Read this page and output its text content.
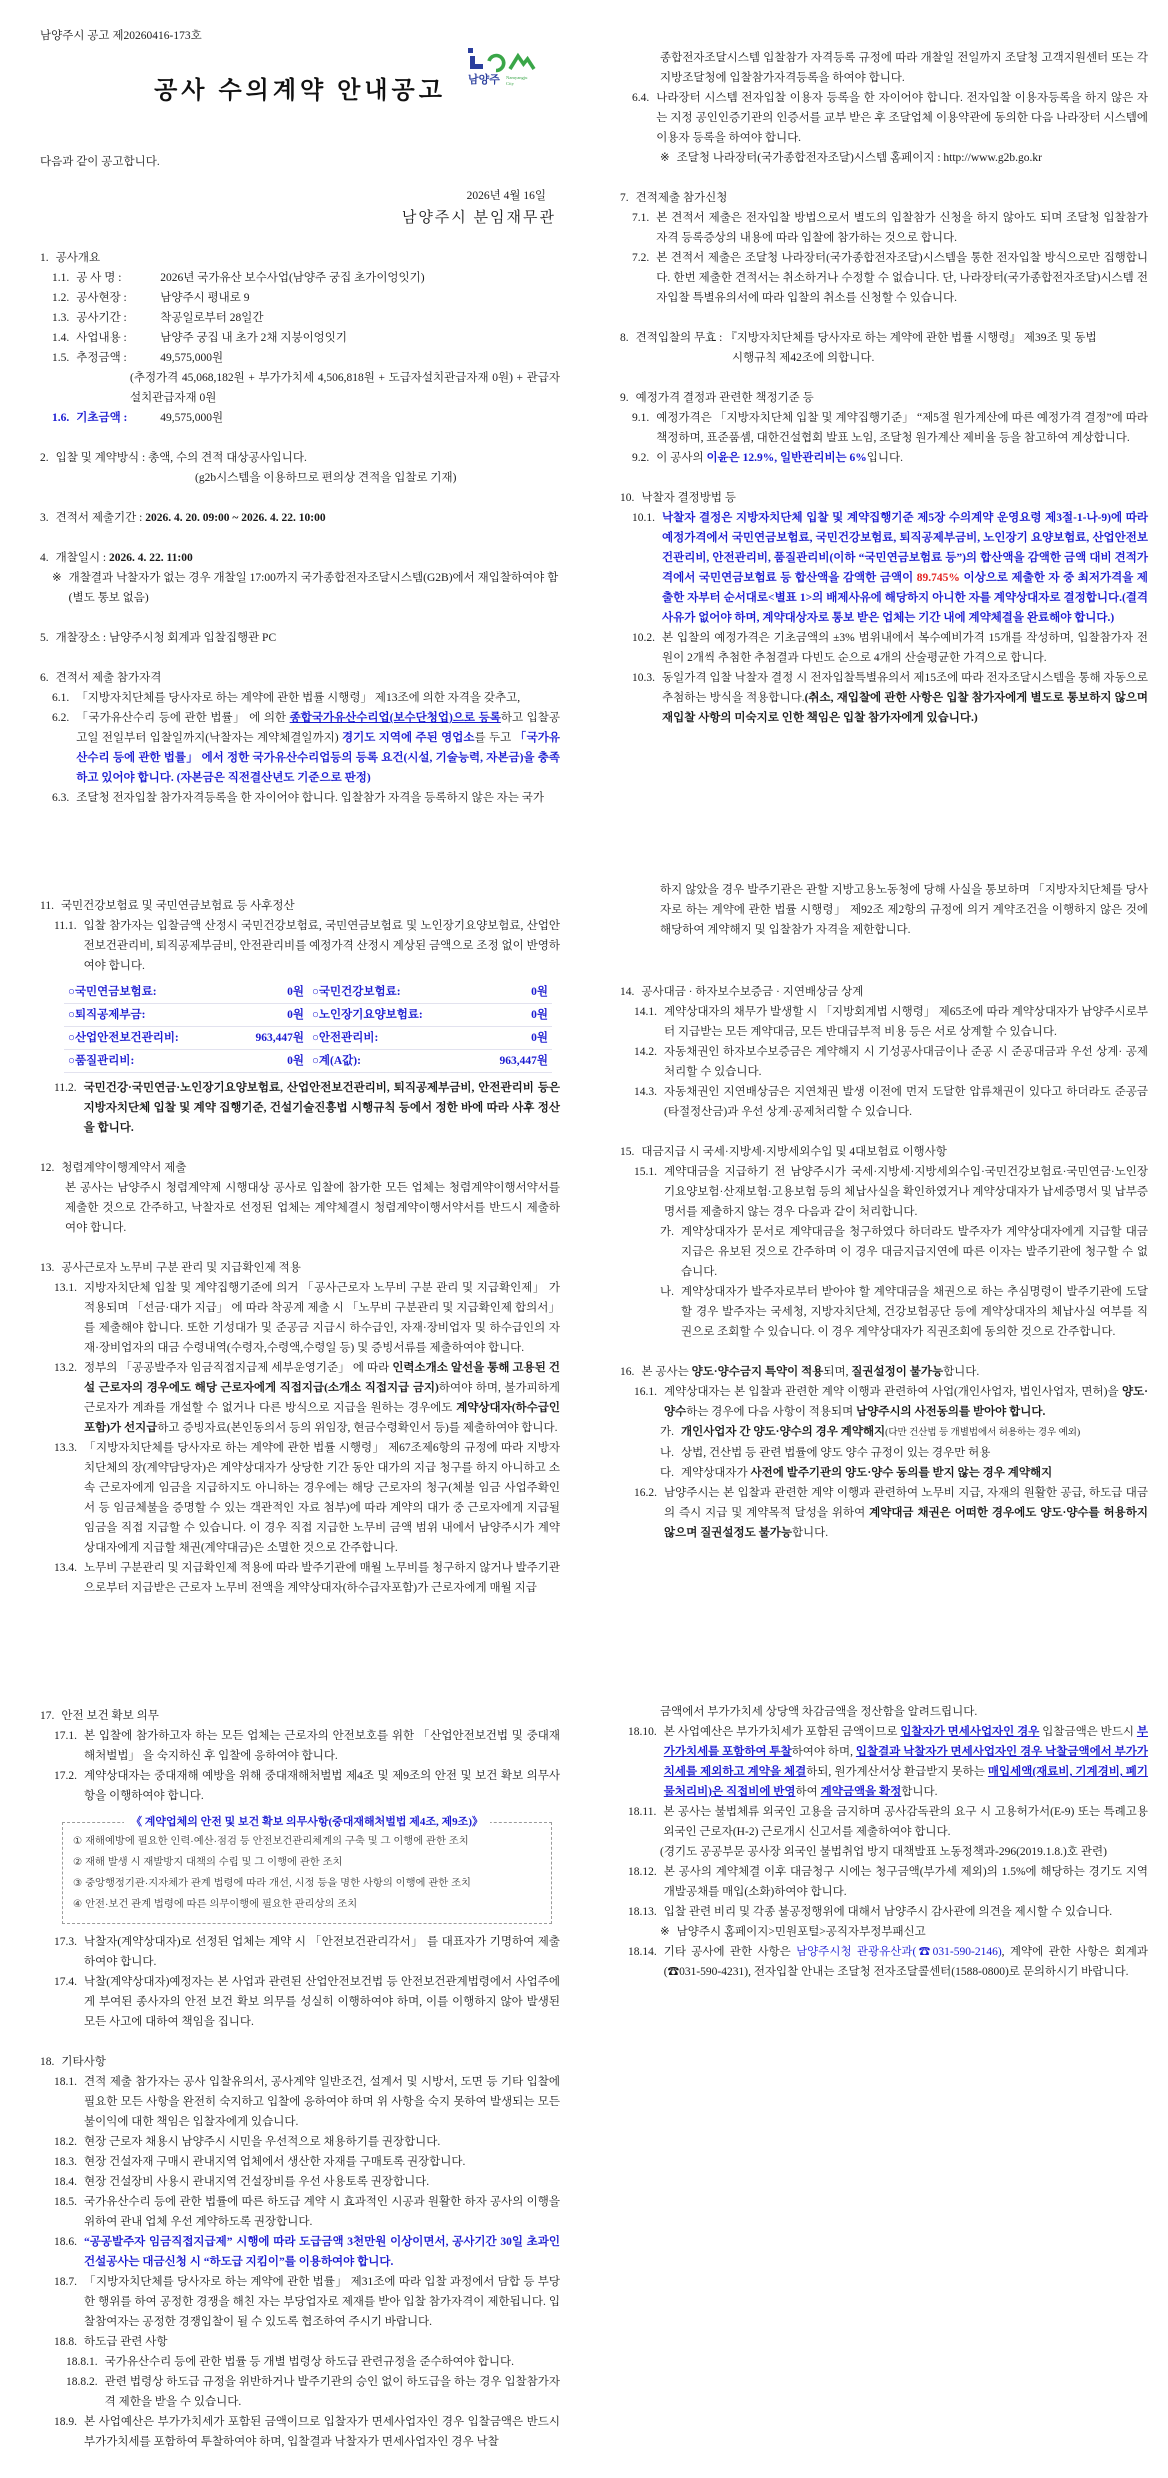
남양주시 공고 제20260416-173호
남양주 Namyangju
City
공사 수의계약 안내공고
다음과 같이 공고합니다.
2026년 4월 16일
남양주시 분임재무관
1. 공사개요
1.1. 공 사 명 :	2026년 국가유산 보수사업(남양주 궁집 초가이엉잇기)
1.2. 공사현장 :	남양주시 평내로 9
1.3. 공사기간 :	착공일로부터 28일간
1.4. 사업내용 :	남양주 궁집 내 초가 2채 지붕이엉잇기
1.5. 추정금액 :	49,575,000원
(추정가격 45,068,182원 + 부가가치세 4,506,818원 + 도급자설치관급자재 0원) + 관급자설치관급자재 0원
1.6. 기초금액 :	49,575,000원
2. 입찰 및 계약방식 : 총액, 수의 견적 대상공사입니다.
(g2b시스템을 이용하므로 편의상 견적을 입찰로 기재)
3. 견적서 제출기간 : 2026. 4. 20. 09:00 ~ 2026. 4. 22. 10:00
4. 개찰일시 : 2026. 4. 22. 11:00
※ 개찰결과 낙찰자가 없는 경우 개찰일 17:00까지 국가종합전자조달시스템(G2B)에서 재입찰하여야 함
(별도 통보 없음)
5. 개찰장소 : 남양주시청 회계과 입찰집행관 PC
6. 견적서 제출 참가자격
6.1. 「지방자치단체를 당사자로 하는 계약에 관한 법률 시행령」 제13조에 의한 자격을 갖추고,
6.2. 「국가유산수리 등에 관한 법률」 에 의한 종합국가유산수리업(보수단청업)으로 등록하고 입찰공고일 전일부터 입찰일까지(낙찰자는 계약체결일까지) 경기도 지역에 주된 영업소를 두고 「국가유산수리 등에 관한 법률」 에서 정한 국가유산수리업등의 등록 요건(시설, 기술능력, 자본금)을 충족하고 있어야 합니다. (자본금은 직전결산년도 기준으로 판정)
6.3. 조달청 전자입찰 참가자격등록을 한 자이어야 합니다. 입찰참가 자격을 등록하지 않은 자는 국가
종합전자조달시스템 입찰참가 자격등록 규정에 따라 개찰일 전일까지 조달청 고객지원센터 또는 각 지방조달청에 입찰참가자격등록을 하여야 합니다.
6.4. 나라장터 시스템 전자입찰 이용자 등록을 한 자이어야 합니다. 전자입찰 이용자등록을 하지 않은 자는 지정 공인인증기관의 인증서를 교부 받은 후 조달업체 이용약관에 동의한 다음 나라장터 시스템에 이용자 등록을 하여야 합니다.
※ 조달청 나라장터(국가종합전자조달)시스템 홈페이지 : http://www.g2b.go.kr
7. 견적제출 참가신청
7.1. 본 견적서 제출은 전자입찰 방법으로서 별도의 입찰참가 신청을 하지 않아도 되며 조달청 입찰참가 자격 등록증상의 내용에 따라 입찰에 참가하는 것으로 합니다.
7.2. 본 견적서 제출은 조달청 나라장터(국가종합전자조달)시스템을 통한 전자입찰 방식으로만 집행합니다. 한번 제출한 견적서는 취소하거나 수정할 수 없습니다. 단, 나라장터(국가종합전자조달)시스템 전자입찰 특별유의서에 따라 입찰의 취소를 신청할 수 있습니다.
8. 견적입찰의 무효 : 『지방자치단체를 당사자로 하는 계약에 관한 법률 시행령』 제39조 및 동법
시행규칙 제42조에 의합니다.
9. 예정가격 결정과 관련한 책정기준 등
9.1. 예정가격은 「지방자치단체 입찰 및 계약집행기준」 “제5절 원가계산에 따른 예정가격 결정”에 따라 책정하며, 표준품셈, 대한건설협회 발표 노임, 조달청 원가계산 제비율 등을 참고하여 계상합니다.
9.2. 이 공사의 이윤은 12.9%, 일반관리비는 6%입니다.
10. 낙찰자 결정방법 등
10.1. 낙찰자 결정은 지방자치단체 입찰 및 계약집행기준 제5장 수의계약 운영요령 제3절-1-나-9)에 따라 예정가격에서 국민연금보험료, 국민건강보험료, 퇴직공제부금비, 노인장기 요양보험료, 산업안전보건관리비, 안전관리비, 품질관리비(이하 “국민연금보험료 등”)의 합산액을 감액한 금액 대비 견적가격에서 국민연금보험료 등 합산액을 감액한 금액이 89.745% 이상으로 제출한 자 중 최저가격을 제출한 자부터 순서대로<별표 1>의 배제사유에 해당하지 아니한 자를 계약상대자로 결정합니다.(결격사유가 없어야 하며, 계약대상자로 통보 받은 업체는 기간 내에 계약체결을 완료해야 합니다.)
10.2. 본 입찰의 예정가격은 기초금액의 ±3% 범위내에서 복수예비가격 15개를 작성하며, 입찰참가자 전원이 2개씩 추첨한 추첨결과 다빈도 순으로 4개의 산술평균한 가격으로 합니다.
10.3. 동일가격 입찰 낙찰자 결정 시 전자입찰특별유의서 제15조에 따라 전자조달시스템을 통해 자동으로 추첨하는 방식을 적용합니다.(취소, 재입찰에 관한 사항은 입찰 참가자에게 별도로 통보하지 않으며 재입찰 사항의 미숙지로 인한 책임은 입찰 참가자에게 있습니다.)
11. 국민건강보험료 및 국민연금보험료 등 사후정산
11.1. 입찰 참가자는 입찰금액 산정시 국민건강보험료, 국민연금보험료 및 노인장기요양보험료, 산업안전보건관리비, 퇴직공제부금비, 안전관리비를 예정가격 산정시 계상된 금액으로 조정 없이 반영하여야 합니다.
○국민연금보험료:	0원	○국민건강보험료:	0원
○퇴직공제부금:	0원	○노인장기요양보험료:	0원
○산업안전보건관리비:	963,447원	○안전관리비:	0원
○품질관리비:	0원	○계(A값):	963,447원
11.2. 국민건강·국민연금·노인장기요양보험료, 산업안전보건관리비, 퇴직공제부금비, 안전관리비 등은 지방자치단체 입찰 및 계약 집행기준, 건설기술진흥법 시행규칙 등에서 정한 바에 따라 사후 정산을 합니다.
12. 청렴계약이행계약서 제출
본 공사는 남양주시 청렴계약제 시행대상 공사로 입찰에 참가한 모든 업체는 청렴계약이행서약서를 제출한 것으로 간주하고, 낙찰자로 선정된 업체는 계약체결시 청렴계약이행서약서를 반드시 제출하여야 합니다.
13. 공사근로자 노무비 구분 관리 및 지급확인제 적용
13.1. 지방자치단체 입찰 및 계약집행기준에 의거 「공사근로자 노무비 구분 관리 및 지급확인제」 가 적용되며 「선금·대가 지급」 에 따라 착공계 제출 시 「노무비 구분관리 및 지급확인제 합의서」 를 제출해야 합니다. 또한 기성대가 및 준공금 지급시 하수급인, 자재·장비업자 및 하수급인의 자재·장비업자의 대금 수령내역(수령자,수령액,수령일 등) 및 증빙서류를 제출하여야 합니다.
13.2. 정부의 「공공발주자 임금직접지급제 세부운영기준」 에 따라 인력소개소 알선을 통해 고용된 건설 근로자의 경우에도 해당 근로자에게 직접지급(소개소 직접지급 금지)하여야 하며, 불가피하게 근로자가 계좌를 개설할 수 없거나 다른 방식으로 지급을 원하는 경우에도 계약상대자(하수급인 포함)가 선지급하고 증빙자료(본인동의서 등의 위임장, 현금수령확인서 등)를 제출하여야 합니다.
13.3. 「지방자치단체를 당사자로 하는 계약에 관한 법률 시행령」 제67조제6항의 규정에 따라 지방자치단체의 장(계약담당자)은 계약상대자가 상당한 기간 동안 대가의 지급 청구를 하지 아니하고 소속 근로자에게 임금을 지급하지도 아니하는 경우에는 해당 근로자의 청구(체불 임금 사업주확인서 등 임금체불을 증명할 수 있는 객관적인 자료 첨부)에 따라 계약의 대가 중 근로자에게 지급될 임금을 직접 지급할 수 있습니다. 이 경우 직접 지급한 노무비 금액 범위 내에서 남양주시가 계약상대자에게 지급할 채권(계약대금)은 소멸한 것으로 간주합니다.
13.4. 노무비 구분관리 및 지급확인제 적용에 따라 발주기관에 매월 노무비를 청구하지 않거나 발주기관으로부터 지급받은 근로자 노무비 전액을 계약상대자(하수급자포함)가 근로자에게 매월 지급
하지 않았을 경우 발주기관은 관할 지방고용노동청에 당해 사실을 통보하며 「지방자치단체를 당사자로 하는 계약에 관한 법률 시행령」 제92조 제2항의 규정에 의거 계약조건을 이행하지 않은 것에 해당하여 계약해지 및 입찰참가 자격을 제한합니다.
14. 공사대금 · 하자보수보증금 · 지연배상금 상계
14.1. 계약상대자의 채무가 발생할 시 「지방회계법 시행령」 제65조에 따라 계약상대자가 남양주시로부터 지급받는 모든 계약대금, 모든 반대급부적 비용 등은 서로 상계할 수 있습니다.
14.2. 자동채권인 하자보수보증금은 계약해지 시 기성공사대금이나 준공 시 준공대금과 우선 상계· 공제처리할 수 있습니다.
14.3. 자동채권인 지연배상금은 지연채권 발생 이전에 먼저 도달한 압류채권이 있다고 하더라도 준공금(타절정산금)과 우선 상계·공제처리할 수 있습니다.
15. 대금지급 시 국세·지방세·지방세외수입 및 4대보험료 이행사항
15.1. 계약대금을 지급하기 전 남양주시가 국세·지방세·지방세외수입·국민건강보험료·국민연금·노인장기요양보험·산재보험·고용보험 등의 체납사실을 확인하였거나 계약상대자가 납세증명서 및 납부증명서를 제출하지 않는 경우 다음과 같이 처리합니다.
가. 계약상대자가 문서로 계약대금을 청구하였다 하더라도 발주자가 계약상대자에게 지급할 대금지급은 유보된 것으로 간주하며 이 경우 대금지급지연에 따른 이자는 발주기관에 청구할 수 없습니다.
나. 계약상대자가 발주자로부터 받아야 할 계약대금을 채권으로 하는 추심명령이 발주기관에 도달할 경우 발주자는 국세청, 지방자치단체, 건강보험공단 등에 계약상대자의 체납사실 여부를 직권으로 조회할 수 있습니다. 이 경우 계약상대자가 직권조회에 동의한 것으로 간주합니다.
16. 본 공사는 양도·양수금지 특약이 적용되며, 질권설정이 불가능합니다.
16.1. 계약상대자는 본 입찰과 관련한 계약 이행과 관련하여 사업(개인사업자, 법인사업자, 면허)을 양도·양수하는 경우에 다음 사항이 적용되며 남양주시의 사전동의를 받아야 합니다.
가. 개인사업자 간 양도·양수의 경우 계약해지(다만 건산법 등 개별법에서 허용하는 경우 예외)
나. 상법, 건산법 등 관련 법률에 양도 양수 규정이 있는 경우만 허용
다. 계약상대자가 사전에 발주기관의 양도·양수 동의를 받지 않는 경우 계약해지
16.2. 남양주시는 본 입찰과 관련한 계약 이행과 관련하여 노무비 지급, 자재의 원활한 공급, 하도급 대금의 즉시 지급 및 계약목적 달성을 위하여 계약대금 채권은 어떠한 경우에도 양도·양수를 허용하지 않으며 질권설정도 불가능합니다.
17. 안전 보건 확보 의무
17.1. 본 입찰에 참가하고자 하는 모든 업체는 근로자의 안전보호를 위한 「산업안전보건법 및 중대재해처벌법」 을 숙지하신 후 입찰에 응하여야 합니다.
17.2. 계약상대자는 중대재해 예방을 위해 중대재해처벌법 제4조 및 제9조의 안전 및 보건 확보 의무사항을 이행하여야 합니다.
《 계약업체의 안전 및 보건 확보 의무사항(중대재해처벌법 제4조, 제9조)》
① 재해예방에 필요한 인력·예산·점검 등 안전보건관리체계의 구축 및 그 이행에 관한 조치
② 재해 발생 시 재발방지 대책의 수립 및 그 이행에 관한 조치
③ 중앙행정기관·지자체가 관계 법령에 따라 개선, 시정 등을 명한 사항의 이행에 관한 조치
④ 안전·보건 관계 법령에 따른 의무이행에 필요한 관리상의 조치
17.3. 낙찰자(계약상대자)로 선정된 업체는 계약 시 「안전보건관리각서」 를 대표자가 기명하여 제출하여야 합니다.
17.4. 낙찰(계약상대자)예정자는 본 사업과 관련된 산업안전보건법 등 안전보건관계법령에서 사업주에게 부여된 종사자의 안전 보건 확보 의무를 성실히 이행하여야 하며, 이를 이행하지 않아 발생된 모든 사고에 대하여 책임을 집니다.
18. 기타사항
18.1. 견적 제출 참가자는 공사 입찰유의서, 공사계약 일반조건, 설계서 및 시방서, 도면 등 기타 입찰에 필요한 모든 사항을 완전히 숙지하고 입찰에 응하여야 하며 위 사항을 숙지 못하여 발생되는 모든 불이익에 대한 책임은 입찰자에게 있습니다.
18.2. 현장 근로자 채용시 남양주시 시민을 우선적으로 채용하기를 권장합니다.
18.3. 현장 건설자재 구매시 관내지역 업체에서 생산한 자재를 구매토록 권장합니다.
18.4. 현장 건설장비 사용시 관내지역 건설장비를 우선 사용토록 권장합니다.
18.5. 국가유산수리 등에 관한 법률에 따른 하도급 계약 시 효과적인 시공과 원활한 하자 공사의 이행을 위하여 관내 업체 우선 계약하도록 권장합니다.
18.6. “공공발주자 임금직접지급제” 시행에 따라 도급금액 3천만원 이상이면서, 공사기간 30일 초과인 건설공사는 대금신청 시 “하도급 지킴이”를 이용하여야 합니다.
18.7. 「지방자치단체를 당사자로 하는 계약에 관한 법률」 제31조에 따라 입찰 과정에서 담합 등 부당한 행위를 하여 공정한 경쟁을 해친 자는 부당업자로 제재를 받아 입찰 참가자격이 제한됩니다. 입찰참여자는 공정한 경쟁입찰이 될 수 있도록 협조하여 주시기 바랍니다.
18.8. 하도급 관련 사항
18.8.1. 국가유산수리 등에 관한 법률 등 개별 법령상 하도급 관련규정을 준수하여야 합니다.
18.8.2. 관련 법령상 하도급 규정을 위반하거나 발주기관의 승인 없이 하도급을 하는 경우 입찰참가자격 제한을 받을 수 있습니다.
18.9. 본 사업예산은 부가가치세가 포함된 금액이므로 입찰자가 면세사업자인 경우 입찰금액은 반드시 부가가치세를 포함하여 투찰하여야 하며, 입찰결과 낙찰자가 면세사업자인 경우 낙찰
금액에서 부가가치세 상당액 차감금액을 정산함을 알려드립니다.
18.10. 본 사업예산은 부가가치세가 포함된 금액이므로 입찰자가 면세사업자인 경우 입찰금액은 반드시 부가가치세를 포함하여 투찰하여야 하며, 입찰결과 낙찰자가 면세사업자인 경우 낙찰금액에서 부가가치세를 제외하고 계약을 체결하되, 원가계산서상 환급받지 못하는 매입세액(재료비, 기계경비, 폐기물처리비)은 직접비에 반영하여 계약금액을 확정합니다.
18.11. 본 공사는 불법체류 외국인 고용을 금지하며 공사감독관의 요구 시 고용허가서(E-9) 또는 특례고용 외국인 근로자(H-2) 근로개시 신고서를 제출하여야 합니다.
(경기도 공공부문 공사장 외국인 불법취업 방지 대책발표 노동정책과-296(2019.1.8.)호 관련)
18.12. 본 공사의 계약체결 이후 대금청구 시에는 청구금액(부가세 제외)의 1.5%에 해당하는 경기도 지역개발공채를 매입(소화)하여야 합니다.
18.13. 입찰 관련 비리 및 각종 불공정행위에 대해서 남양주시 감사관에 의견을 제시할 수 있습니다.
※ 남양주시 홈페이지>민원포털>공직자부정부패신고
18.14. 기타 공사에 관한 사항은 남양주시청 관광유산과(☎031-590-2146), 계약에 관한 사항은 회계과 (☎031-590-4231), 전자입찰 안내는 조달청 전자조달콜센터(1588-0800)로 문의하시기 바랍니다.
